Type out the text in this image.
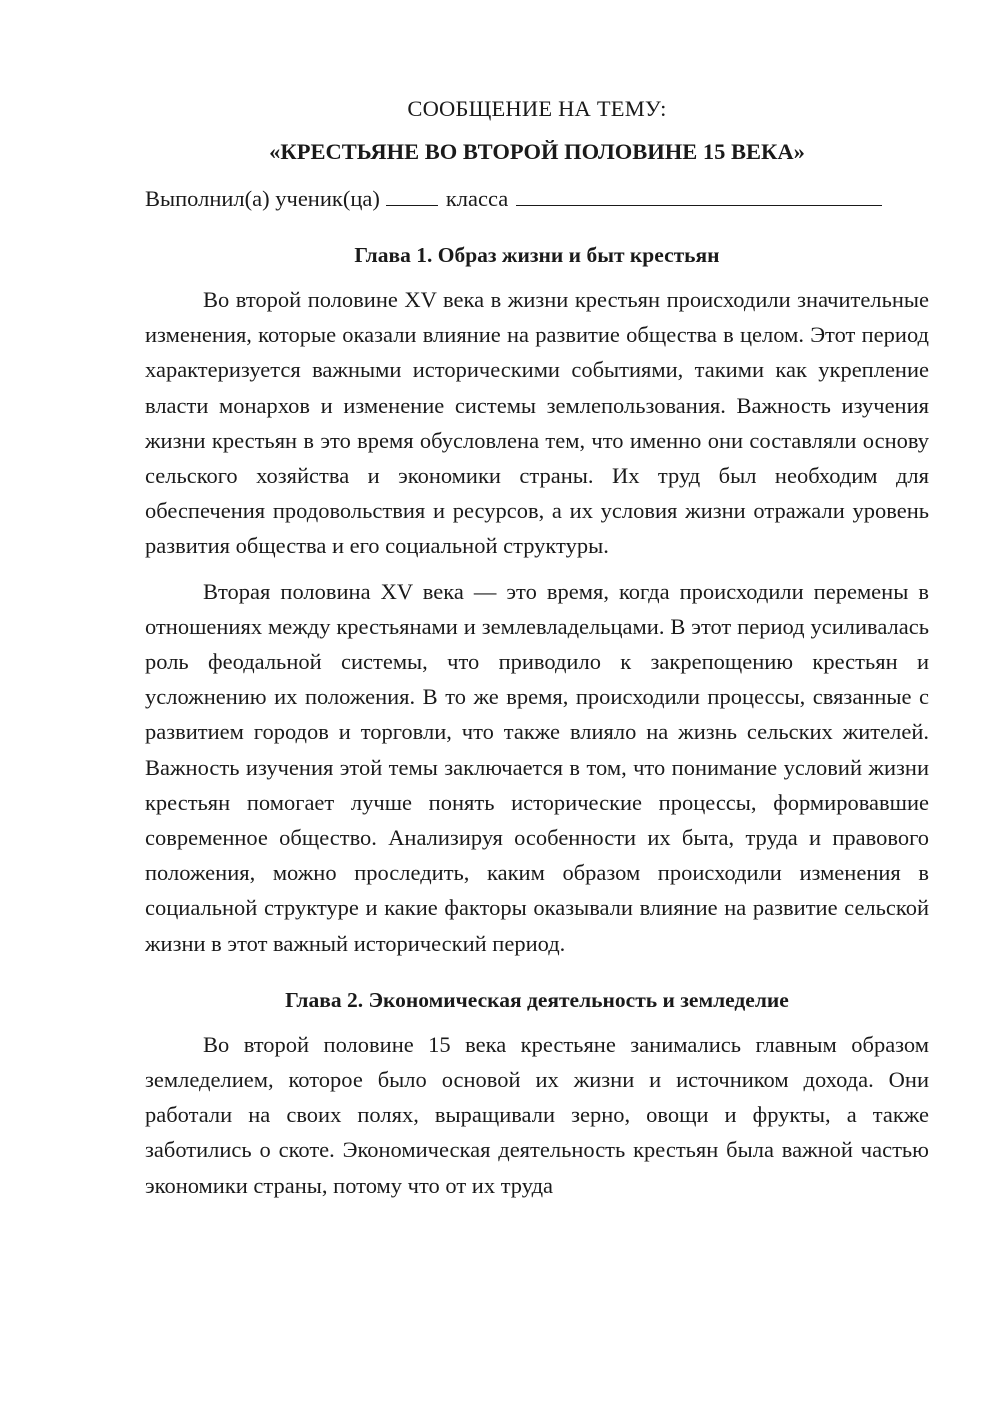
СООБЩЕНИЕ НА ТЕМУ:

«КРЕСТЬЯНЕ ВО ВТОРОЙ ПОЛОВИНЕ 15 ВЕКА»

Выполнил(а) ученик(ца)	класса

Глава 1. Образ жизни и быт крестьян

Во второй половине XV века в жизни крестьян происходили значительные изменения, которые оказали влияние на развитие общества в целом. Этот период характеризуется важными историческими событиями, такими как укрепление власти монархов и изменение системы землепользования. Важность изучения жизни крестьян в это время обусловлена тем, что именно они составляли основу сельского хозяйства и экономики страны. Их труд был необходим для обеспечения продовольствия и ресурсов, а их условия жизни отражали уровень развития общества и его социальной структуры.

Вторая половина XV века — это время, когда происходили перемены в отношениях между крестьянами и землевладельцами. В этот период усиливалась роль феодальной системы, что приводило к закрепощению крестьян и усложнению их положения. В то же время, происходили процессы, связанные с развитием городов и торговли, что также влияло на жизнь сельских жителей. Важность изучения этой темы заключается в том, что понимание условий жизни крестьян помогает лучше понять исторические процессы, формировавшие современное общество. Анализируя особенности их быта, труда и правового положения, можно проследить, каким образом происходили изменения в социальной структуре и какие факторы оказывали влияние на развитие сельской жизни в этот важный исторический период.

Глава 2. Экономическая деятельность и земледелие

Во второй половине 15 века крестьяне занимались главным образом земледелием, которое было основой их жизни и источником дохода. Они работали на своих полях, выращивали зерно, овощи и фрукты, а также заботились о скоте. Экономическая деятельность крестьян была важной частью экономики страны, потому что от их труда
